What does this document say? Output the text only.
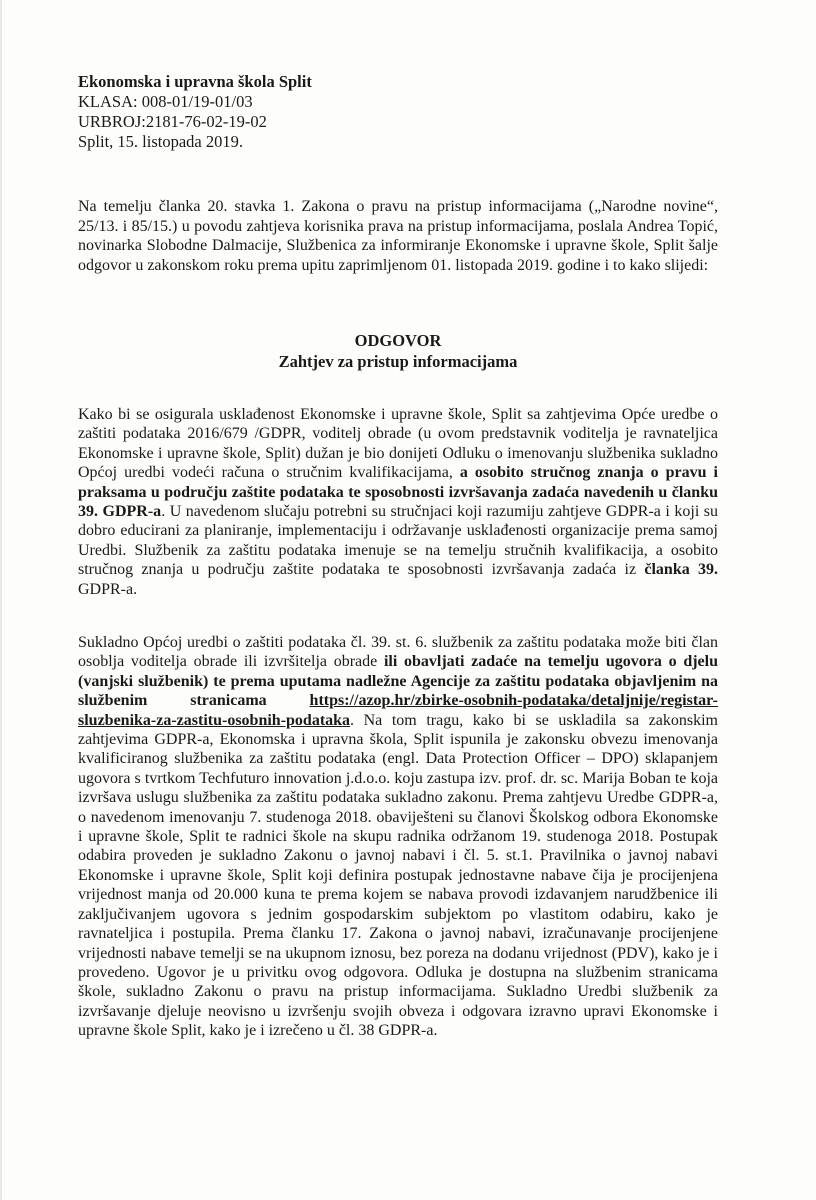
Ekonomska i upravna škola Split
KLASA: 008-01/19-01/03
URBROJ:2181-76-02-19-02
Split, 15. listopada 2019.
Na temelju članka 20. stavka 1. Zakona o pravu na pristup informacijama („Narodne novine“, 25/13. i 85/15.) u povodu zahtjeva korisnika prava na pristup informacijama, poslala Andrea Topić, novinarka Slobodne Dalmacije, Službenica za informiranje Ekonomske i upravne škole, Split šalje odgovor u zakonskom roku prema upitu zaprimljenom 01. listopada 2019. godine i to kako slijedi:
ODGOVOR
Zahtjev za pristup informacijama
Kako bi se osigurala usklađenost Ekonomske i upravne škole, Split sa zahtjevima Opće uredbe o zaštiti podataka 2016/679 /GDPR, voditelj obrade (u ovom predstavnik voditelja je ravnateljica Ekonomske i upravne škole, Split) dužan je bio donijeti Odluku o imenovanju službenika sukladno Općoj uredbi vodeći računa o stručnim kvalifikacijama, a osobito stručnog znanja o pravu i praksama u području zaštite podataka te sposobnosti izvršavanja zadaća navedenih u članku 39. GDPR-a. U navedenom slučaju potrebni su stručnjaci koji razumiju zahtjeve GDPR-a i koji su dobro educirani za planiranje, implementaciju i održavanje usklađenosti organizacije prema samoj Uredbi. Službenik za zaštitu podataka imenuje se na temelju stručnih kvalifikacija, a osobito stručnog znanja u području zaštite podataka te sposobnosti izvršavanja zadaća iz članka 39. GDPR-a.
Sukladno Općoj uredbi o zaštiti podataka čl. 39. st. 6. službenik za zaštitu podataka može biti član osoblja voditelja obrade ili izvršitelja obrade ili obavljati zadaće na temelju ugovora o djelu (vanjski službenik) te prema uputama nadležne Agencije za zaštitu podataka objavljenim na službenim stranicama https://azop.hr/zbirke-osobnih-podataka/detaljnije/registar-sluzbenika-za-zastitu-osobnih-podataka. Na tom tragu, kako bi se uskladila sa zakonskim zahtjevima GDPR-a, Ekonomska i upravna škola, Split ispunila je zakonsku obvezu imenovanja kvalificiranog službenika za zaštitu podataka (engl. Data Protection Officer – DPO) sklapanjem ugovora s tvrtkom Techfuturo innovation j.d.o.o. koju zastupa izv. prof. dr. sc. Marija Boban te koja izvršava uslugu službenika za zaštitu podataka sukladno zakonu. Prema zahtjevu Uredbe GDPR-a, o navedenom imenovanju 7. studenoga 2018. obaviješteni su članovi Školskog odbora Ekonomske i upravne škole, Split te radnici škole na skupu radnika održanom 19. studenoga 2018. Postupak odabira proveden je sukladno Zakonu o javnoj nabavi i čl. 5. st.1. Pravilnika o javnoj nabavi Ekonomske i upravne škole, Split koji definira postupak jednostavne nabave čija je procijenjena vrijednost manja od 20.000 kuna te prema kojem se nabava provodi izdavanjem narudžbenice ili zaključivanjem ugovora s jednim gospodarskim subjektom po vlastitom odabiru, kako je ravnateljica i postupila. Prema članku 17. Zakona o javnoj nabavi, izračunavanje procijenjene vrijednosti nabave temelji se na ukupnom iznosu, bez poreza na dodanu vrijednost (PDV), kako je i provedeno. Ugovor je u privitku ovog odgovora. Odluka je dostupna na službenim stranicama škole, sukladno Zakonu o pravu na pristup informacijama. Sukladno Uredbi službenik za izvršavanje djeluje neovisno u izvršenju svojih obveza i odgovara izravno upravi Ekonomske i upravne škole Split, kako je i izrečeno u čl. 38 GDPR-a.
